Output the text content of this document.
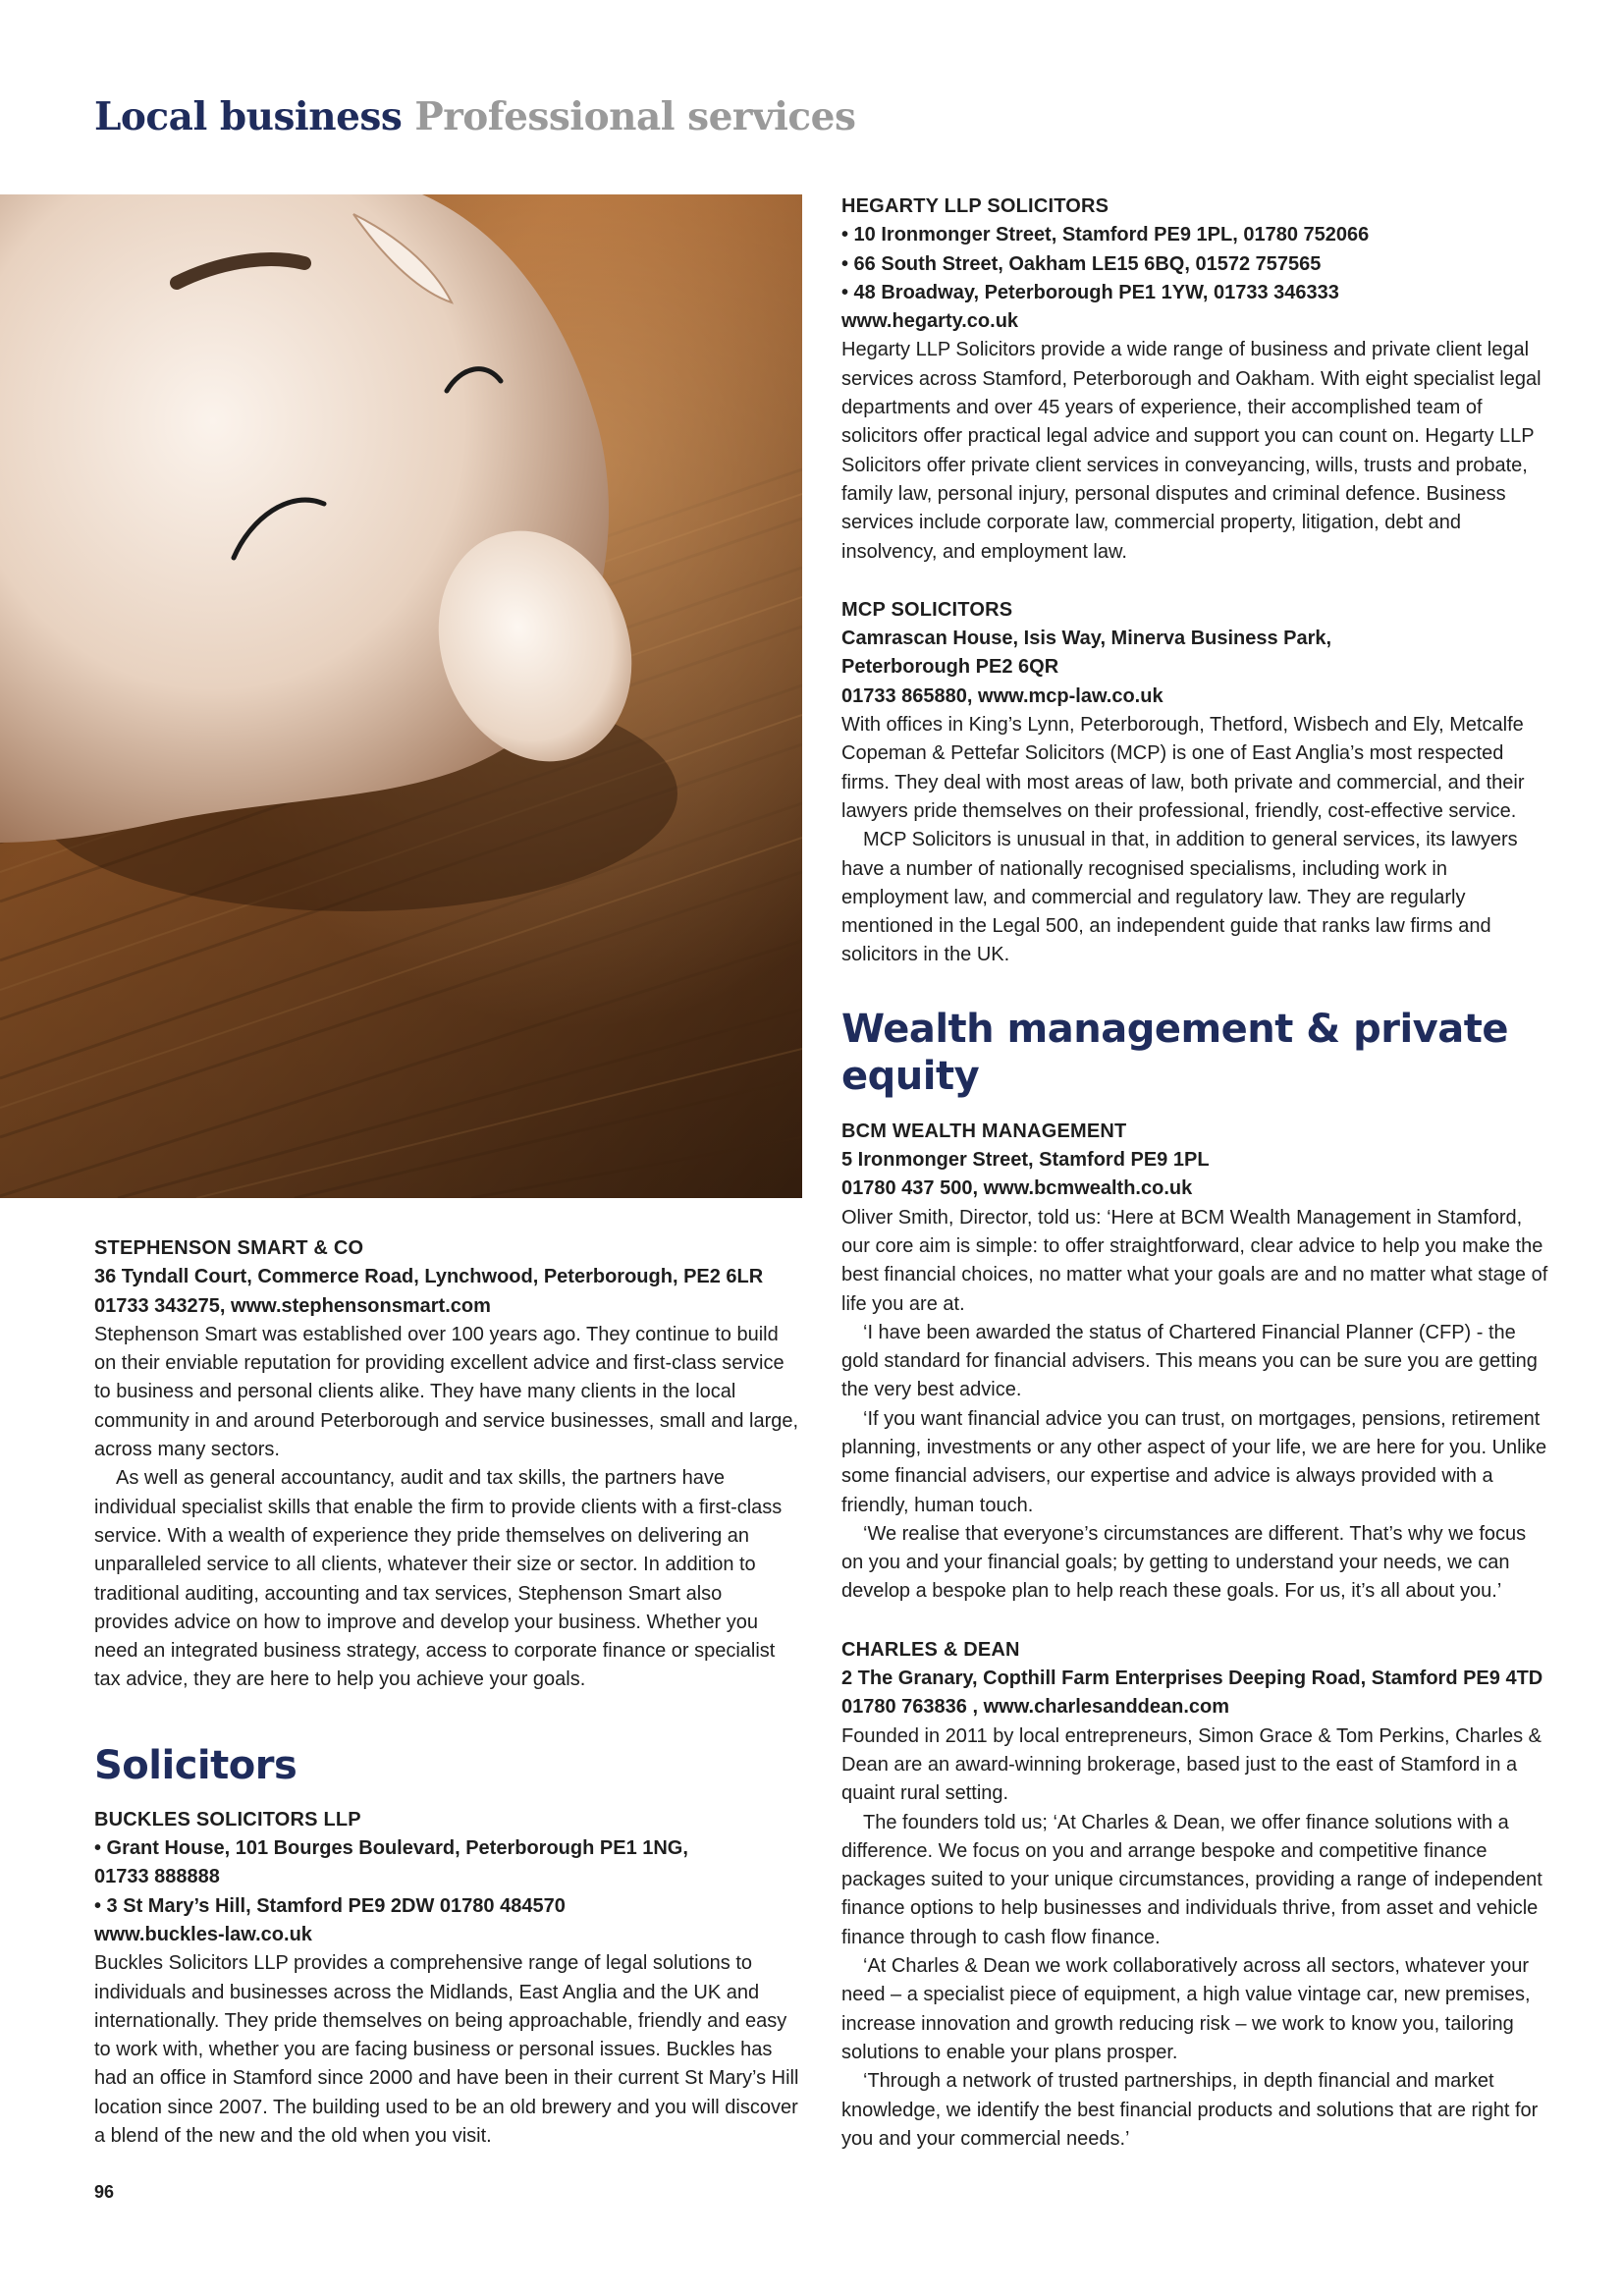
Local business Professional services
STEPHENSON SMART & CO
36 Tyndall Court, Commerce Road, Lynchwood, Peterborough, PE2 6LR
01733 343275, www.stephensonsmart.com

Stephenson Smart was established over 100 years ago. They continue to build on their enviable reputation for providing excellent advice and first-class service to business and personal clients alike. They have many clients in the local community in and around Peterborough and service businesses, small and large, across many sectors.

As well as general accountancy, audit and tax skills, the partners have individual specialist skills that enable the firm to provide clients with a first-class service. With a wealth of experience they pride themselves on delivering an unparalleled service to all clients, whatever their size or sector. In addition to traditional auditing, accounting and tax services, Stephenson Smart also provides advice on how to improve and develop your business. Whether you need an integrated business strategy, access to corporate finance or specialist tax advice, they are here to help you achieve your goals.

Solicitors
BUCKLES SOLICITORS LLP
• Grant House, 101 Bourges Boulevard, Peterborough PE1 1NG,
01733 888888
• 3 St Mary’s Hill, Stamford PE9 2DW 01780 484570
www.buckles-law.co.uk

Buckles Solicitors LLP provides a comprehensive range of legal solutions to individuals and businesses across the Midlands, East Anglia and the UK and internationally. They pride themselves on being approachable, friendly and easy to work with, whether you are facing business or personal issues. Buckles has had an office in Stamford since 2000 and have been in their current St Mary’s Hill location since 2007. The building used to be an old brewery and you will discover a blend of the new and the old when you visit.

HEGARTY LLP SOLICITORS
• 10 Ironmonger Street, Stamford PE9 1PL, 01780 752066
• 66 South Street, Oakham LE15 6BQ, 01572 757565
• 48 Broadway, Peterborough PE1 1YW, 01733 346333
www.hegarty.co.uk

Hegarty LLP Solicitors provide a wide range of business and private client legal services across Stamford, Peterborough and Oakham. With eight specialist legal departments and over 45 years of experience, their accomplished team of solicitors offer practical legal advice and support you can count on. Hegarty LLP Solicitors offer private client services in conveyancing, wills, trusts and probate, family law, personal injury, personal disputes and criminal defence. Business services include corporate law, commercial property, litigation, debt and insolvency, and employment law.

MCP SOLICITORS
Camrascan House, Isis Way, Minerva Business Park,
Peterborough PE2 6QR
01733 865880, www.mcp-law.co.uk

With offices in King’s Lynn, Peterborough, Thetford, Wisbech and Ely, Metcalfe Copeman & Pettefar Solicitors (MCP) is one of East Anglia’s most respected firms. They deal with most areas of law, both private and commercial, and their lawyers pride themselves on their professional, friendly, cost-effective service.

MCP Solicitors is unusual in that, in addition to general services, its lawyers have a number of nationally recognised specialisms, including work in employment law, and commercial and regulatory law. They are regularly mentioned in the Legal 500, an independent guide that ranks law firms and solicitors in the UK.

Wealth management & private equity
BCM WEALTH MANAGEMENT
5 Ironmonger Street, Stamford PE9 1PL
01780 437 500, www.bcmwealth.co.uk

Oliver Smith, Director, told us: ‘Here at BCM Wealth Management in Stamford, our core aim is simple: to offer straightforward, clear advice to help you make the best financial choices, no matter what your goals are and no matter what stage of life you are at.

‘I have been awarded the status of Chartered Financial Planner (CFP) - the gold standard for financial advisers. This means you can be sure you are getting the very best advice.

‘If you want financial advice you can trust, on mortgages, pensions, retirement planning, investments or any other aspect of your life, we are here for you. Unlike some financial advisers, our expertise and advice is always provided with a friendly, human touch.

‘We realise that everyone’s circumstances are different. That’s why we focus on you and your financial goals; by getting to understand your needs, we can develop a bespoke plan to help reach these goals. For us, it’s all about you.’

CHARLES & DEAN
2 The Granary, Copthill Farm Enterprises Deeping Road, Stamford PE9 4TD
01780 763836 , www.charlesanddean.com

Founded in 2011 by local entrepreneurs, Simon Grace & Tom Perkins, Charles & Dean are an award-winning brokerage, based just to the east of Stamford in a quaint rural setting.

The founders told us; ‘At Charles & Dean, we offer finance solutions with a difference. We focus on you and arrange bespoke and competitive finance packages suited to your unique circumstances, providing a range of independent finance options to help businesses and individuals thrive, from asset and vehicle finance through to cash flow finance.

‘At Charles & Dean we work collaboratively across all sectors, whatever your need – a specialist piece of equipment, a high value vintage car, new premises, increase innovation and growth reducing risk – we work to know you, tailoring solutions to enable your plans prosper.

‘Through a network of trusted partnerships, in depth financial and market knowledge, we identify the best financial products and solutions that are right for you and your commercial needs.’

96
